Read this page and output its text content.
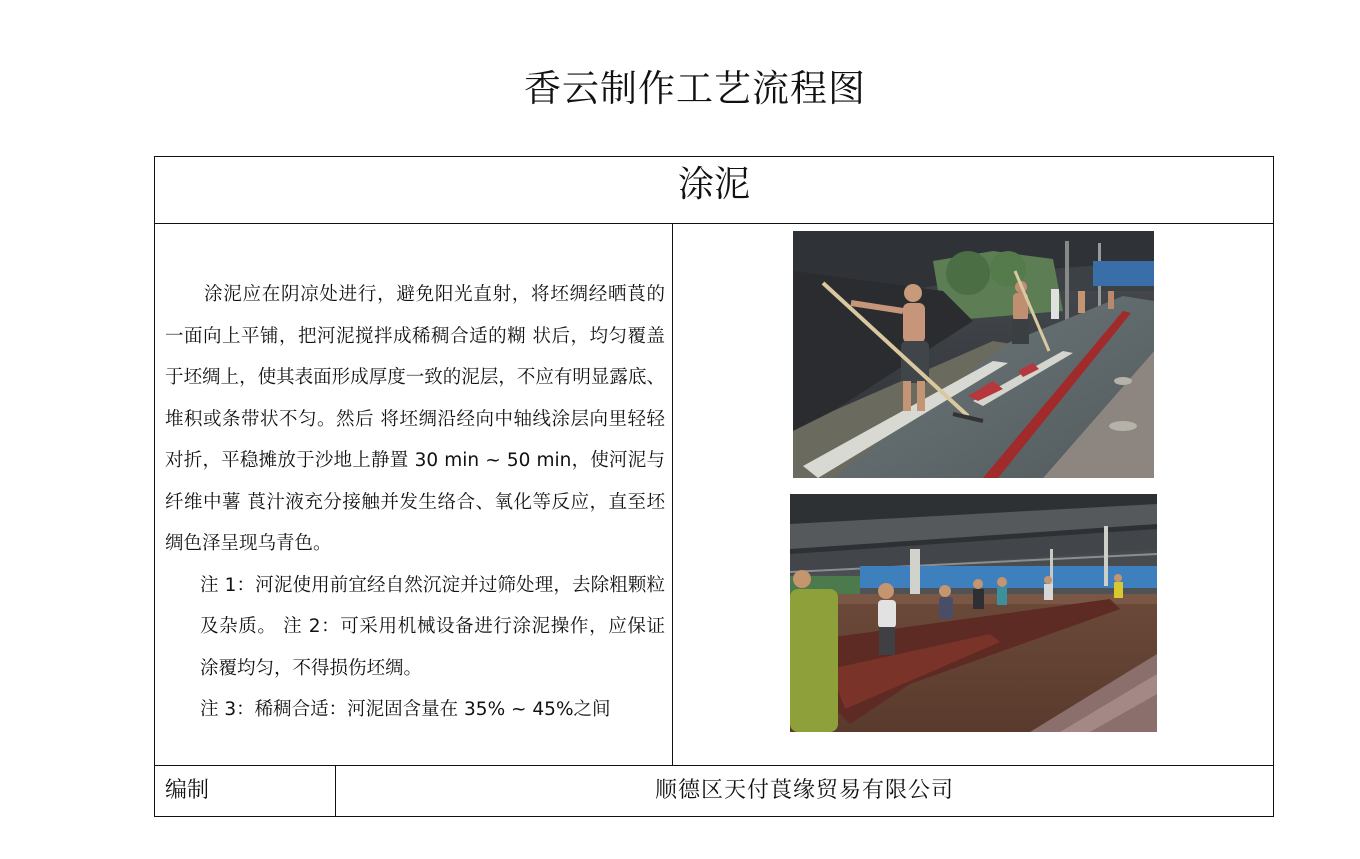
香云制作工艺流程图
涂泥

涂泥应在阴凉处进行，避免阳光直射，将坯绸经晒莨的一面向上平铺，把河泥搅拌成稀稠合适的糊 状后，均匀覆盖于坯绸上，使其表面形成厚度一致的泥层，不应有明显露底、堆积或条带状不匀。然后 将坯绸沿经向中轴线涂层向里轻轻对折，平稳摊放于沙地上静置 30 min ~ 50 min，使河泥与纤维中薯 莨汁液充分接触并发生络合、氧化等反应，直至坯绸色泽呈现乌青色。

注 1：河泥使用前宜经自然沉淀并过筛处理，去除粗颗粒及杂质。 注 2：可采用机械设备进行涂泥操作，应保证涂覆均匀，不得损伤坯绸。

注 3：稀稠合适：河泥固含量在 35% ~ 45%之间

编制	顺德区天付莨缘贸易有限公司
